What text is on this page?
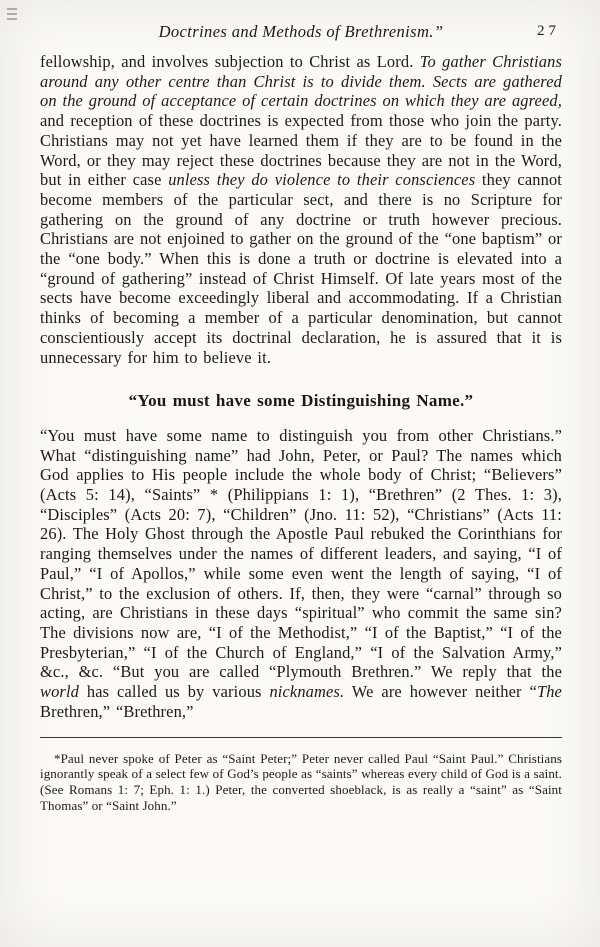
Doctrines and Methods of Brethrenism.”	27

fellowship, and involves subjection to Christ as Lord. To gather Christians around any other centre than Christ is to divide them. Sects are gathered on the ground of acceptance of certain doctrines on which they are agreed, and reception of these doctrines is expected from those who join the party. Christians may not yet have learned them if they are to be found in the Word, or they may reject these doctrines because they are not in the Word, but in either case unless they do violence to their consciences they cannot become members of the particular sect, and there is no Scripture for gathering on the ground of any doctrine or truth however precious. Christians are not enjoined to gather on the ground of the “one baptism” or the “one body.” When this is done a truth or doctrine is elevated into a “ground of gathering” instead of Christ Himself. Of late years most of the sects have become exceedingly liberal and accommodating. If a Christian thinks of becoming a member of a particular denomination, but cannot conscientiously accept its doctrinal declaration, he is assured that it is unnecessary for him to believe it.

“You must have some Distinguishing Name.”

“You must have some name to distinguish you from other Christians.” What “distinguishing name” had John, Peter, or Paul? The names which God applies to His people include the whole body of Christ; “Believers” (Acts 5: 14), “Saints” * (Philippians 1: 1), “Brethren” (2 Thes. 1: 3), “Disciples” (Acts 20: 7), “Children” (Jno. 11: 52), “Christians” (Acts 11: 26). The Holy Ghost through the Apostle Paul rebuked the Corinthians for ranging themselves under the names of different leaders, and saying, “I of Paul,” “I of Apollos,” while some even went the length of saying, “I of Christ,” to the exclusion of others. If, then, they were “carnal” through so acting, are Christians in these days “spiritual” who commit the same sin? The divisions now are, “I of the Methodist,” “I of the Baptist,” “I of the Presbyterian,” “I of the Church of England,” “I of the Salvation Army,” &c., &c. “But you are called “Plymouth Brethren.” We reply that the world has called us by various nicknames. We are however neither “The Brethren,” “Brethren,”

*Paul never spoke of Peter as “Saint Peter;” Peter never called Paul “Saint Paul.” Christians ignorantly speak of a select few of God’s people as “saints” whereas every child of God is a saint. (See Romans 1: 7; Eph. 1: 1.) Peter, the converted shoeblack, is as really a “saint” as “Saint Thomas” or “Saint John.”
